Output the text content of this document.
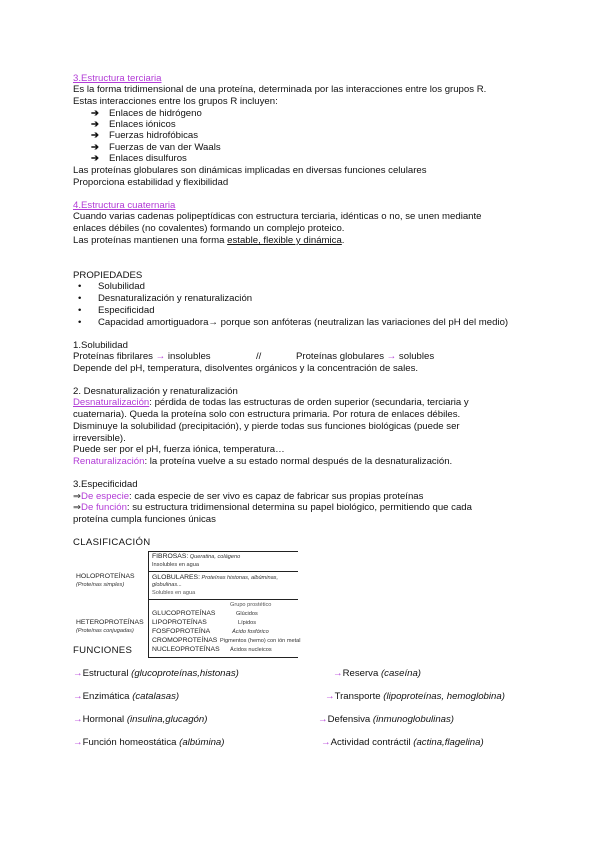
3.Estructura terciaria
Es la forma tridimensional de una proteína, determinada por las interacciones entre los grupos R.
Estas interacciones entre los grupos R incluyen:
➔ Enlaces de hidrógeno
➔ Enlaces iónicos
➔ Fuerzas hidrofóbicas
➔ Fuerzas de van der Waals
➔ Enlaces disulfuros
Las proteínas globulares son dinámicas implicadas en diversas funciones celulares
Proporciona estabilidad y flexibilidad
4.Estructura cuaternaria
Cuando varias cadenas polipeptídicas con estructura terciaria, idénticas o no, se unen mediante
enlaces débiles (no covalentes) formando un complejo proteico.
Las proteínas mantienen una forma estable, flexible y dinámica.
PROPIEDADES
• Solubilidad
• Desnaturalización y renaturalización
• Especificidad
• Capacidad amortiguadora→ porque son anfóteras (neutralizan las variaciones del pH del medio)
1.Solubilidad
Proteínas fibrilares → insolubles	//	Proteínas globulares → solubles
Depende del pH, temperatura, disolventes orgánicos y la concentración de sales.
2. Desnaturalización y renaturalización
Desnaturalización: pérdida de todas las estructuras de orden superior (secundaria, terciaria y
cuaternaria). Queda la proteína solo con estructura primaria. Por rotura de enlaces débiles.
Disminuye la solubilidad (precipitación), y pierde todas sus funciones biológicas (puede ser
irreversible).
Puede ser por el pH, fuerza iónica, temperatura…
Renaturalización: la proteína vuelve a su estado normal después de la desnaturalización.
3.Especificidad
⇒De especie: cada especie de ser vivo es capaz de fabricar sus propias proteínas
⇒De función: su estructura tridimensional determina su papel biológico, permitiendo que cada
proteína cumpla funciones únicas
CLASIFICACIÓN
HOLOPROTEÍNAS
(Proteínas simples)
FIBROSAS: Queratina, colágeno
Insolubles en agua
GLOBULARES: Proteínas histonas, albúminas,
globulinas...
Solubles en agua
HETEROPROTEÍNAS
(Proteínas conjugadas)
Grupo prostético
GLUCOPROTEÍNAS	Glúcidos
LIPOPROTEÍNAS	Lípidos
FOSFOPROTEÍNA	Ácido fosfórico
CROMOPROTEÍNAS Pigmentos (hemo) con ión metal
NUCLEOPROTEÍNAS Ácidos nucleicos
FUNCIONES
→Estructural (glucoproteínas,histonas)
→Enzimática (catalasas)
→Hormonal (insulina,glucagón)
→Función homeostática (albúmina)
→Reserva (caseína)
→Transporte (lipoproteínas, hemoglobina)
→Defensiva (inmunoglobulinas)
→Actividad contráctil (actina,flagelina)
